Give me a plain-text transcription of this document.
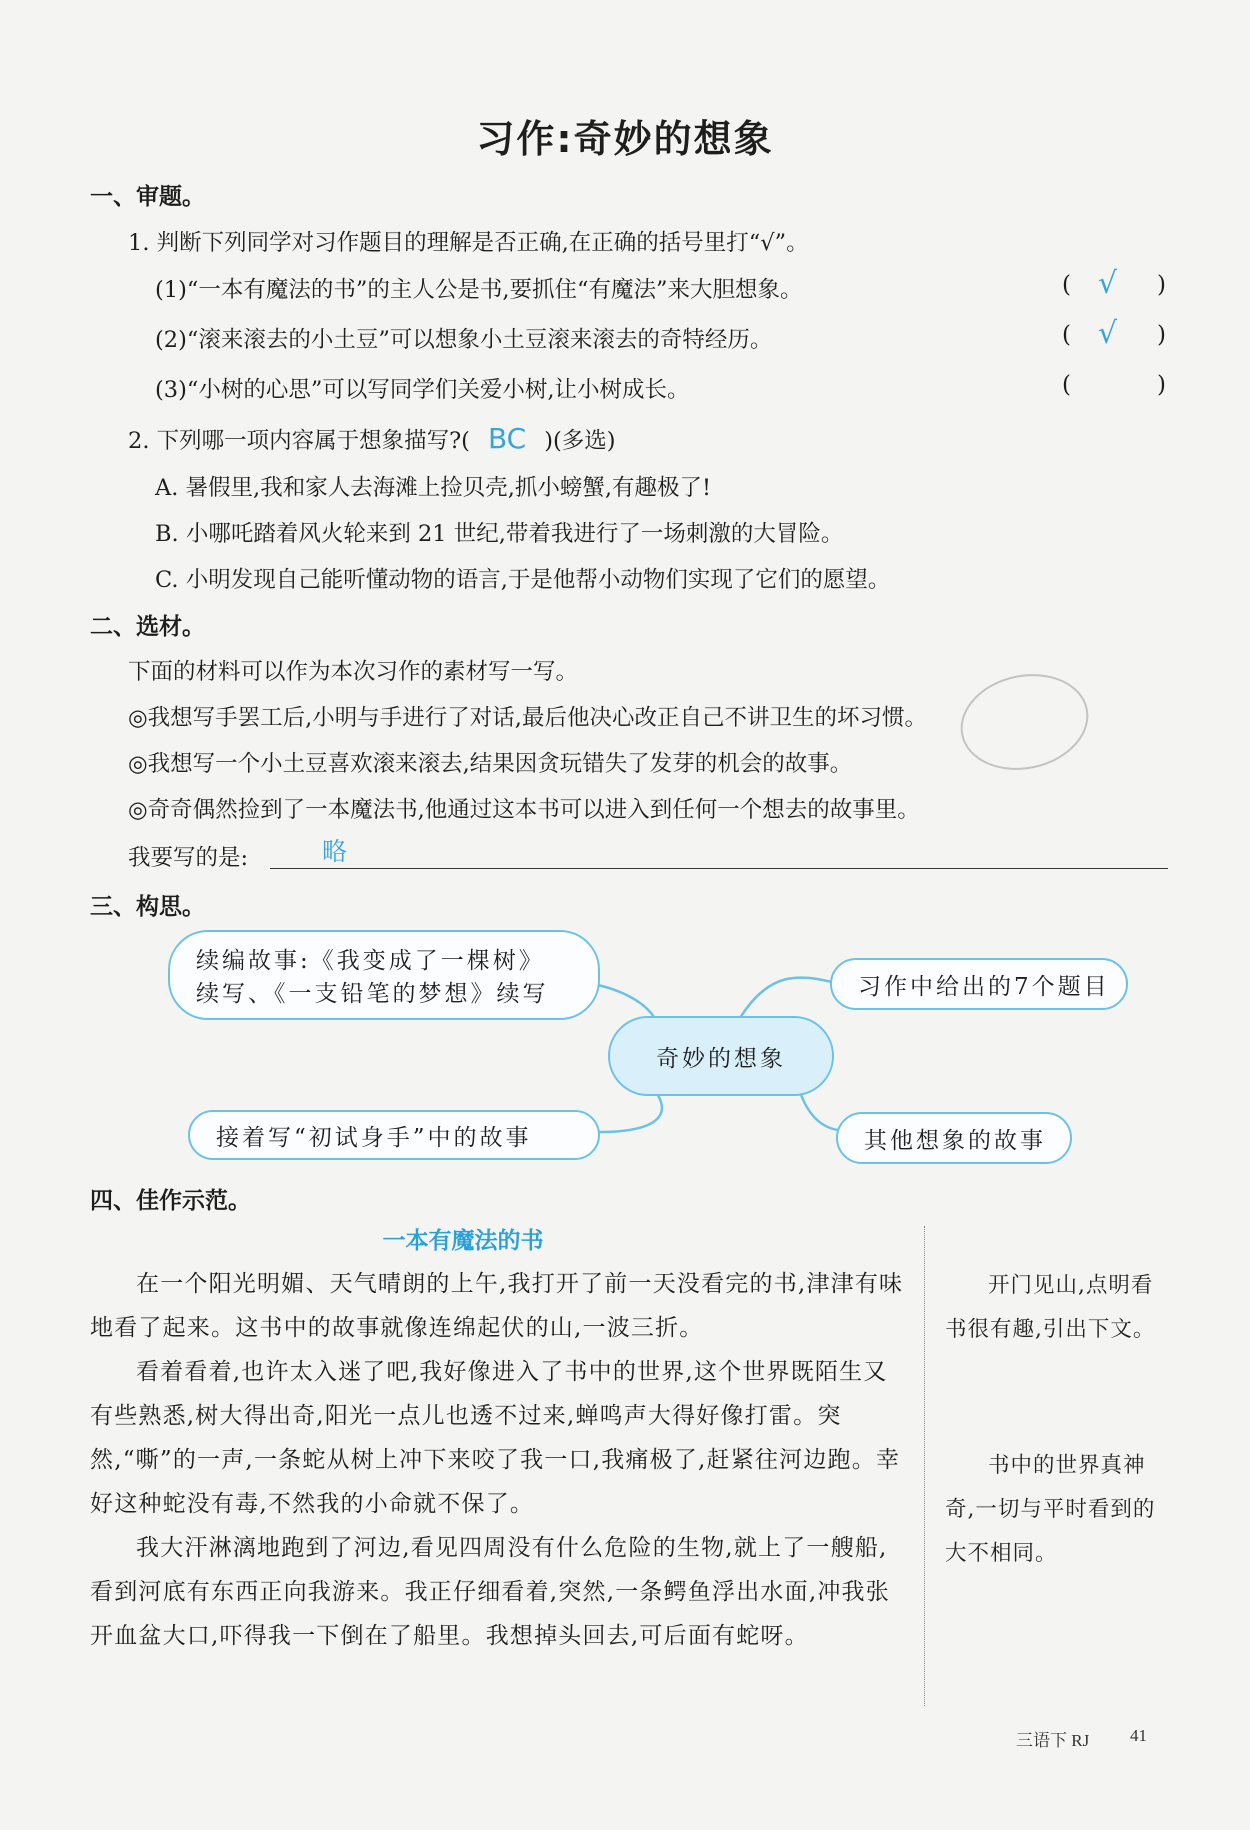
习作:奇妙的想象
一、审题。
1. 判断下列同学对习作题目的理解是否正确,在正确的括号里打“√”。
(1)“一本有魔法的书”的主人公是书,要抓住“有魔法”来大胆想象。	( √ )
(2)“滚来滚去的小土豆”可以想象小土豆滚来滚去的奇特经历。	( √ )
(3)“小树的心思”可以写同学们关爱小树,让小树成长。	(	)
2. 下列哪一项内容属于想象描写?( BC )(多选)
A. 暑假里,我和家人去海滩上捡贝壳,抓小螃蟹,有趣极了!
B. 小哪吒踏着风火轮来到 21 世纪,带着我进行了一场刺激的大冒险。
C. 小明发现自己能听懂动物的语言,于是他帮小动物们实现了它们的愿望。
二、选材。
下面的材料可以作为本次习作的素材写一写。
◎我想写手罢工后,小明与手进行了对话,最后他决心改正自己不讲卫生的坏习惯。
◎我想写一个小土豆喜欢滚来滚去,结果因贪玩错失了发芽的机会的故事。
◎奇奇偶然捡到了一本魔法书,他通过这本书可以进入到任何一个想去的故事里。
我要写的是:	略
三、构思。
续编故事:《我变成了一棵树》
续写、《一支铅笔的梦想》续写	习作中给出的7个题目
奇妙的想象
接着写“初试身手”中的故事	其他想象的故事
四、佳作示范。
一本有魔法的书

在一个阳光明媚、天气晴朗的上午,我打开了前一天没看完的书,津津有味地看了起来。这书中的故事就像连绵起伏的山,一波三折。

看着看着,也许太入迷了吧,我好像进入了书中的世界,这个世界既陌生又有些熟悉,树大得出奇,阳光一点儿也透不过来,蝉鸣声大得好像打雷。突然,“嘶”的一声,一条蛇从树上冲下来咬了我一口,我痛极了,赶紧往河边跑。幸好这种蛇没有毒,不然我的小命就不保了。

我大汗淋漓地跑到了河边,看见四周没有什么危险的生物,就上了一艘船,看到河底有东西正向我游来。我正仔细看着,突然,一条鳄鱼浮出水面,冲我张开血盆大口,吓得我一下倒在了船里。我想掉头回去,可后面有蛇呀。

开门见山,点明看书很有趣,引出下文。
书中的世界真神奇,一切与平时看到的大不相同。
三语下 RJ 41
